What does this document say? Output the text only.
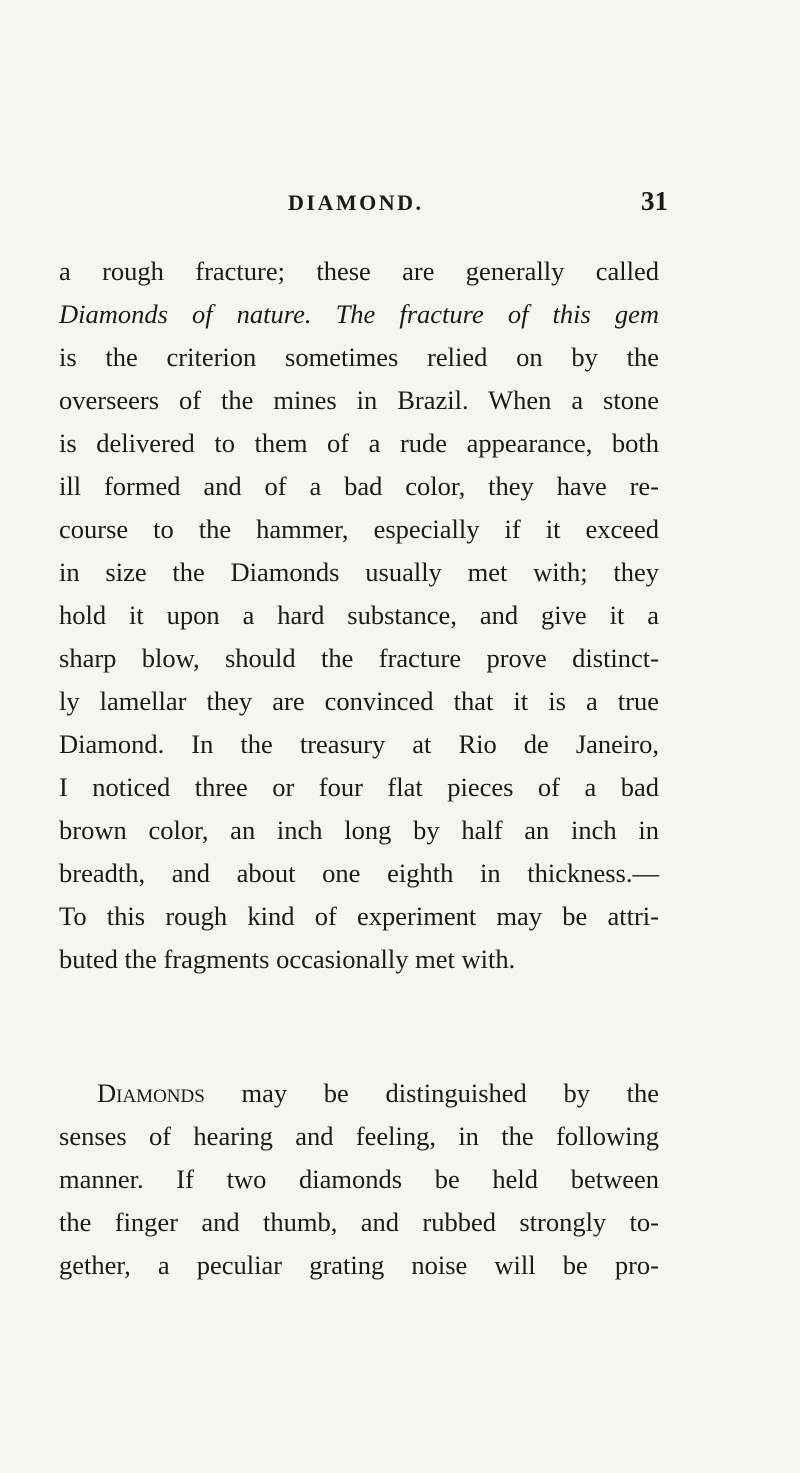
DIAMOND.	31
a rough fracture; these are generally called
Diamonds of nature. The fracture of this gem
is the criterion sometimes relied on by the
overseers of the mines in Brazil. When a stone
is delivered to them of a rude appearance, both
ill formed and of a bad color, they have re-
course to the hammer, especially if it exceed
in size the Diamonds usually met with; they
hold it upon a hard substance, and give it a
sharp blow, should the fracture prove distinct-
ly lamellar they are convinced that it is a true
Diamond. In the treasury at Rio de Janeiro,
I noticed three or four flat pieces of a bad
brown color, an inch long by half an inch in
breadth, and about one eighth in thickness.—
To this rough kind of experiment may be attri-
buted the fragments occasionally met with.
Diamonds may be distinguished by the
senses of hearing and feeling, in the following
manner. If two diamonds be held between
the finger and thumb, and rubbed strongly to-
gether, a peculiar grating noise will be pro-
